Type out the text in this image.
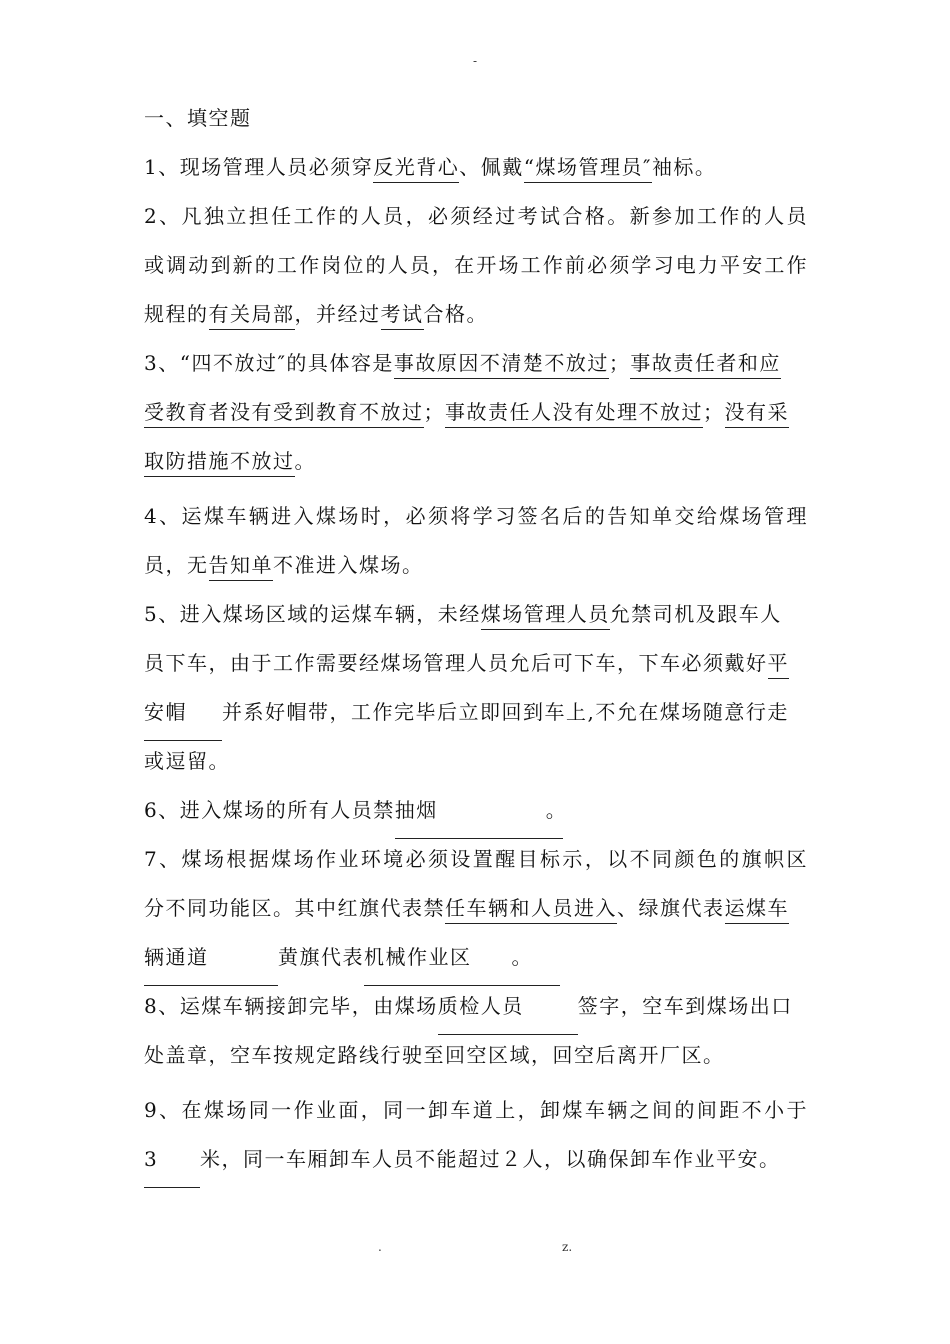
-
一、填空题
1、现场管理人员必须穿反光背心、佩戴“煤场管理员″袖标。
2、凡独立担任工作的人员，必须经过考试合格。新参加工作的人员
或调动到新的工作岗位的人员，在开场工作前必须学习电力平安工作
规程的有关局部，并经过考试合格。
3、“四不放过″的具体容是事故原因不清楚不放过；事故责任者和应
受教育者没有受到教育不放过；事故责任人没有处理不放过；没有采
取防措施不放过。
4、运煤车辆进入煤场时，必须将学习签名后的告知单交给煤场管理
员，无告知单不准进入煤场。
5、进入煤场区域的运煤车辆，未经煤场管理人员允禁司机及跟车人
员下车，由于工作需要经煤场管理人员允后可下车，下车必须戴好平
安帽 并系好帽带，工作完毕后立即回到车上,不允在煤场随意行走
或逗留。
6、进入煤场的所有人员禁抽烟	。
7、煤场根据煤场作业环境必须设置醒目标示，以不同颜色的旗帜区
分不同功能区。其中红旗代表禁任车辆和人员进入、绿旗代表运煤车
辆通道	黄旗代表机械作业区 。
8、运煤车辆接卸完毕，由煤场质检人员	签字，空车到煤场出口
处盖章，空车按规定路线行驶至回空区域，回空后离开厂区。
9、在煤场同一作业面，同一卸车道上，卸煤车辆之间的间距不小于
3 米，同一车厢卸车人员不能超过２人，以确保卸车作业平安。
.	z.
